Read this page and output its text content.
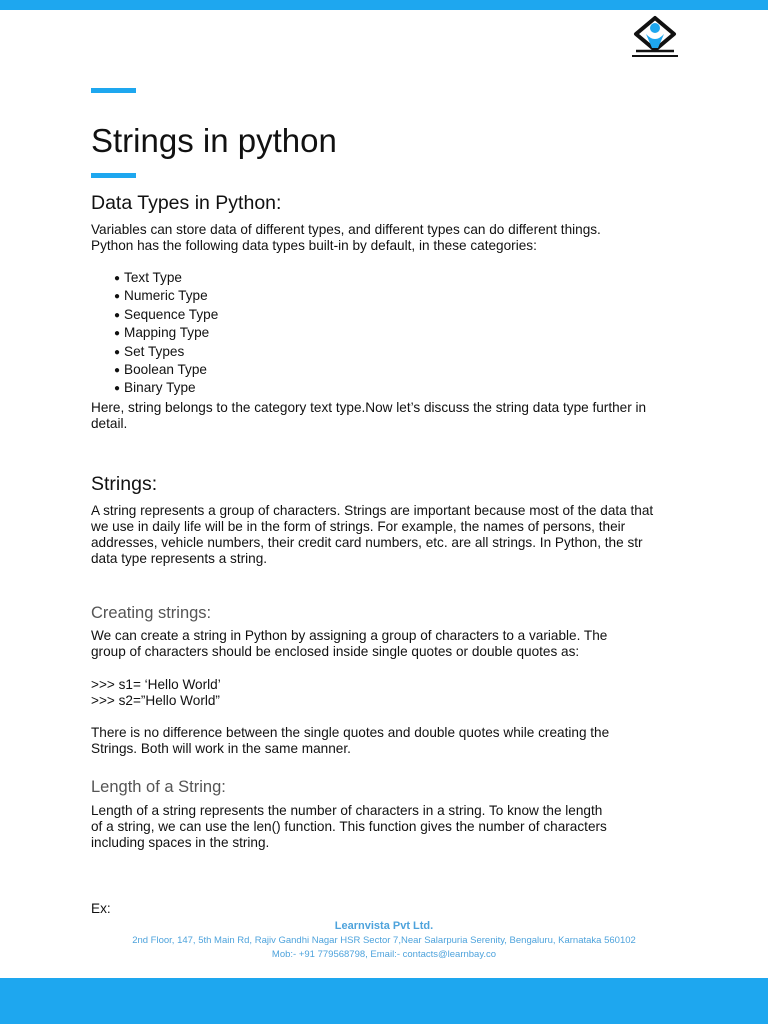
Strings in python
Data Types in Python:

Variables can store data of different types, and different types can do different things.
Python has the following data types built-in by default, in these categories:

● Text Type
● Numeric Type
● Sequence Type
● Mapping Type
● Set Types
● Boolean Type
● Binary Type

Here, string belongs to the category text type.Now let’s discuss the string data type further in
detail.

Strings:

A string represents a group of characters. Strings are important because most of the data that
we use in daily life will be in the form of strings. For example, the names of persons, their
addresses, vehicle numbers, their credit card numbers, etc. are all strings. In Python, the str
data type represents a string.

Creating strings:

We can create a string in Python by assigning a group of characters to a variable. The
group of characters should be enclosed inside single quotes or double quotes as:

>>> s1= ‘Hello World’
>>> s2=”Hello World”

There is no difference between the single quotes and double quotes while creating the
Strings. Both will work in the same manner.

Length of a String:

Length of a string represents the number of characters in a string. To know the length
of a string, we can use the len() function. This function gives the number of characters
including spaces in the string.

Ex:

Learnvista Pvt Ltd.

2nd Floor, 147, 5th Main Rd, Rajiv Gandhi Nagar HSR Sector 7,Near Salarpuria Serenity, Bengaluru, Karnataka 560102

Mob:- +91 779568798, Email:- contacts@learnbay.co
